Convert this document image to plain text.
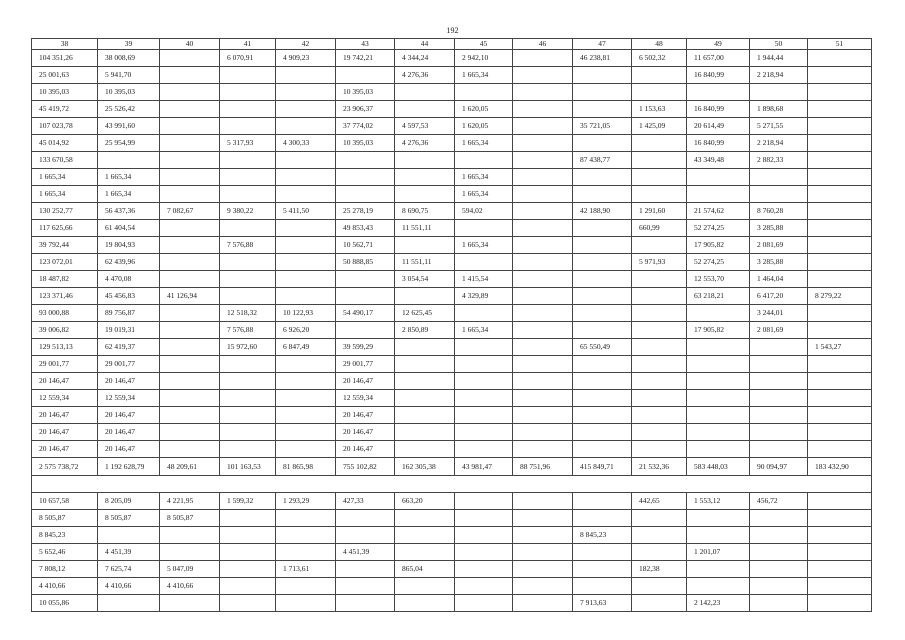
192
38	39	40	41	42	43	44	45	46	47	48	49	50	51
104 351,26	38 008,69		6 070,91	4 909,23	19 742,21	4 344,24	2 942,10		46 238,81	6 502,32	11 657,00	1 944,44	
25 001,63	5 941,70					4 276,36	1 665,34				16 840,99	2 218,94	
10 395,03	10 395,03				10 395,03								
45 419,72	25 526,42				23 906,37		1 620,05			1 153,63	16 840,99	1 898,68	
107 023,78	43 991,60				37 774,02	4 597,53	1 620,05		35 721,05	1 425,09	20 614,49	5 271,55	
45 014,92	25 954,99		5 317,93	4 300,33	10 395,03	4 276,36	1 665,34				16 840,99	2 218,94	
133 670,58									87 438,77		43 349,48	2 882,33	
1 665,34	1 665,34						1 665,34						
1 665,34	1 665,34						1 665,34						
130 252,77	56 437,36	7 082,67	9 380,22	5 411,50	25 278,19	8 690,75	594,02		42 188,90	1 291,60	21 574,62	8 760,28	
117 625,66	61 404,54				49 853,43	11 551,11				660,99	52 274,25	3 285,88	
39 792,44	19 804,93		7 576,88		10 562,71		1 665,34				17 905,82	2 081,69	
123 072,01	62 439,96				50 888,85	11 551,11				5 971,93	52 274,25	3 285,88	
18 487,82	4 470,08					3 054,54	1 415,54				12 553,70	1 464,04	
123 371,46	45 456,83	41 126,94					4 329,89				63 218,21	6 417,20	8 279,22
93 000,88	89 756,87		12 518,32	10 122,93	54 490,17	12 625,45						3 244,01	
39 006,82	19 019,31		7 576,88	6 926,20		2 850,89	1 665,34				17 905,82	2 081,69	
129 513,13	62 419,37		15 972,60	6 847,49	39 599,29				65 550,49				1 543,27
29 001,77	29 001,77				29 001,77								
20 146,47	20 146,47				20 146,47								
12 559,34	12 559,34				12 559,34								
20 146,47	20 146,47				20 146,47								
20 146,47	20 146,47				20 146,47								
20 146,47	20 146,47				20 146,47								
2 575 738,72	1 192 628,79	48 209,61	101 163,53	81 865,98	755 102,82	162 305,38	43 981,47	88 751,96	415 849,71	21 532,36	583 448,03	90 094,97	183 432,90

10 657,58	8 205,09	4 221,95	1 599,32	1 293,29	427,33	663,20				442,65	1 553,12	456,72	
8 505,87	8 505,87	8 505,87											
8 845,23									8 845,23				
5 652,46	4 451,39				4 451,39						1 201,07		
7 808,12	7 625,74	5 047,09		1 713,61		865,04				182,38			
4 410,66	4 410,66	4 410,66											
10 055,86									7 913,63		2 142,23		
